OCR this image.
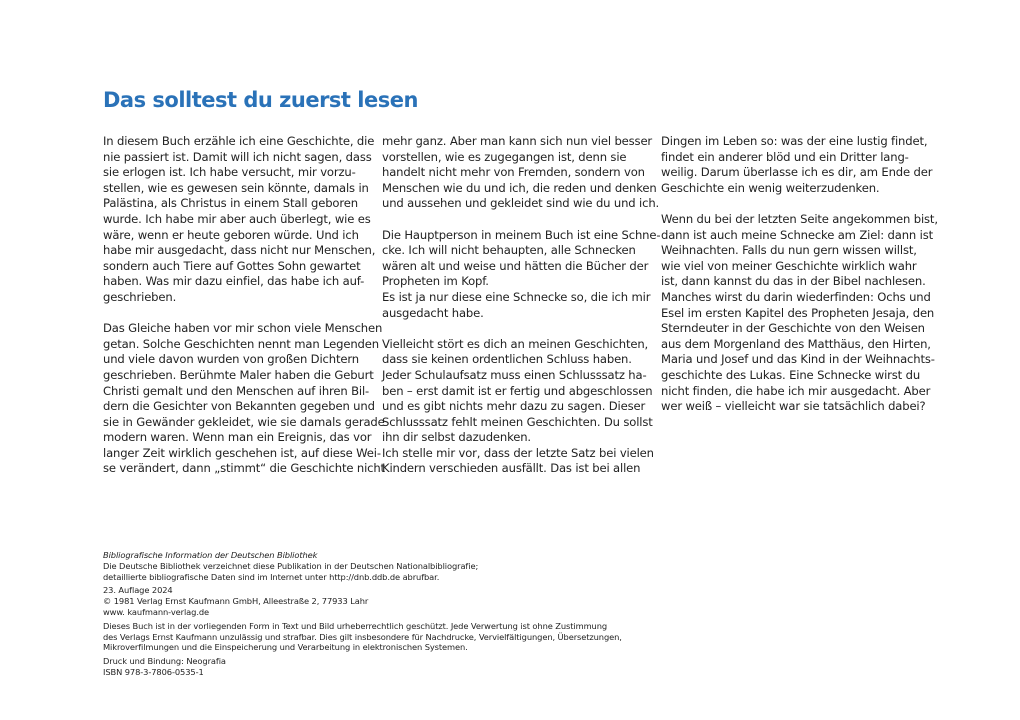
Das solltest du zuerst lesen

In diesem Buch erzähle ich eine Geschichte, die
nie passiert ist. Damit will ich nicht sagen, dass
sie erlogen ist. Ich habe versucht, mir vorzu-
stellen, wie es gewesen sein könnte, damals in
Palästina, als Christus in einem Stall geboren
wurde. Ich habe mir aber auch überlegt, wie es
wäre, wenn er heute geboren würde. Und ich
habe mir ausgedacht, dass nicht nur Menschen,
sondern auch Tiere auf Gottes Sohn gewartet
haben. Was mir dazu einfiel, das habe ich auf-
geschrieben.

Das Gleiche haben vor mir schon viele Menschen
getan. Solche Geschichten nennt man Legenden
und viele davon wurden von großen Dichtern
geschrieben. Berühmte Maler haben die Geburt
Christi gemalt und den Menschen auf ihren Bil-
dern die Gesichter von Bekannten gegeben und
sie in Gewänder gekleidet, wie sie damals gerade
modern waren. Wenn man ein Ereignis, das vor
langer Zeit wirklich geschehen ist, auf diese Wei-
se verändert, dann „stimmt“ die Geschichte nicht

mehr ganz. Aber man kann sich nun viel besser
vorstellen, wie es zugegangen ist, denn sie
handelt nicht mehr von Fremden, sondern von
Menschen wie du und ich, die reden und denken
und aussehen und gekleidet sind wie du und ich.

Die Hauptperson in meinem Buch ist eine Schne-
cke. Ich will nicht behaupten, alle Schnecken
wären alt und weise und hätten die Bücher der
Propheten im Kopf.

Es ist ja nur diese eine Schnecke so, die ich mir
ausgedacht habe.

Vielleicht stört es dich an meinen Geschichten,
dass sie keinen ordentlichen Schluss haben.
Jeder Schulaufsatz muss einen Schlusssatz ha-
ben – erst damit ist er fertig und abgeschlossen
und es gibt nichts mehr dazu zu sagen. Dieser
Schlusssatz fehlt meinen Geschichten. Du sollst
ihn dir selbst dazudenken.

Ich stelle mir vor, dass der letzte Satz bei vielen
Kindern verschieden ausfällt. Das ist bei allen

Dingen im Leben so: was der eine lustig findet,
findet ein anderer blöd und ein Dritter lang-
weilig. Darum überlasse ich es dir, am Ende der
Geschichte ein wenig weiterzudenken.

Wenn du bei der letzten Seite angekommen bist,
dann ist auch meine Schnecke am Ziel: dann ist
Weihnachten. Falls du nun gern wissen willst,
wie viel von meiner Geschichte wirklich wahr
ist, dann kannst du das in der Bibel nachlesen.
Manches wirst du darin wiederfinden: Ochs und
Esel im ersten Kapitel des Propheten Jesaja, den
Sterndeuter in der Geschichte von den Weisen
aus dem Morgenland des Matthäus, den Hirten,
Maria und Josef und das Kind in der Weihnachts-
geschichte des Lukas. Eine Schnecke wirst du
nicht finden, die habe ich mir ausgedacht. Aber
wer weiß – vielleicht war sie tatsächlich dabei?

Bibliografische Information der Deutschen Bibliothek
Die Deutsche Bibliothek verzeichnet diese Publikation in der Deutschen Nationalbibliografie;
detaillierte bibliografische Daten sind im Internet unter http://dnb.ddb.de abrufbar.
23. Auflage 2024
© 1981 Verlag Ernst Kaufmann GmbH, Alleestraße 2, 77933 Lahr
www. kaufmann-verlag.de
Dieses Buch ist in der vorliegenden Form in Text und Bild urheberrechtlich geschützt. Jede Verwertung ist ohne Zustimmung
des Verlags Ernst Kaufmann unzulässig und strafbar. Dies gilt insbesondere für Nachdrucke, Vervielfältigungen, Übersetzungen,
Mikroverfilmungen und die Einspeicherung und Verarbeitung in elektronischen Systemen.
Druck und Bindung: Neografia
ISBN 978-3-7806-0535-1
